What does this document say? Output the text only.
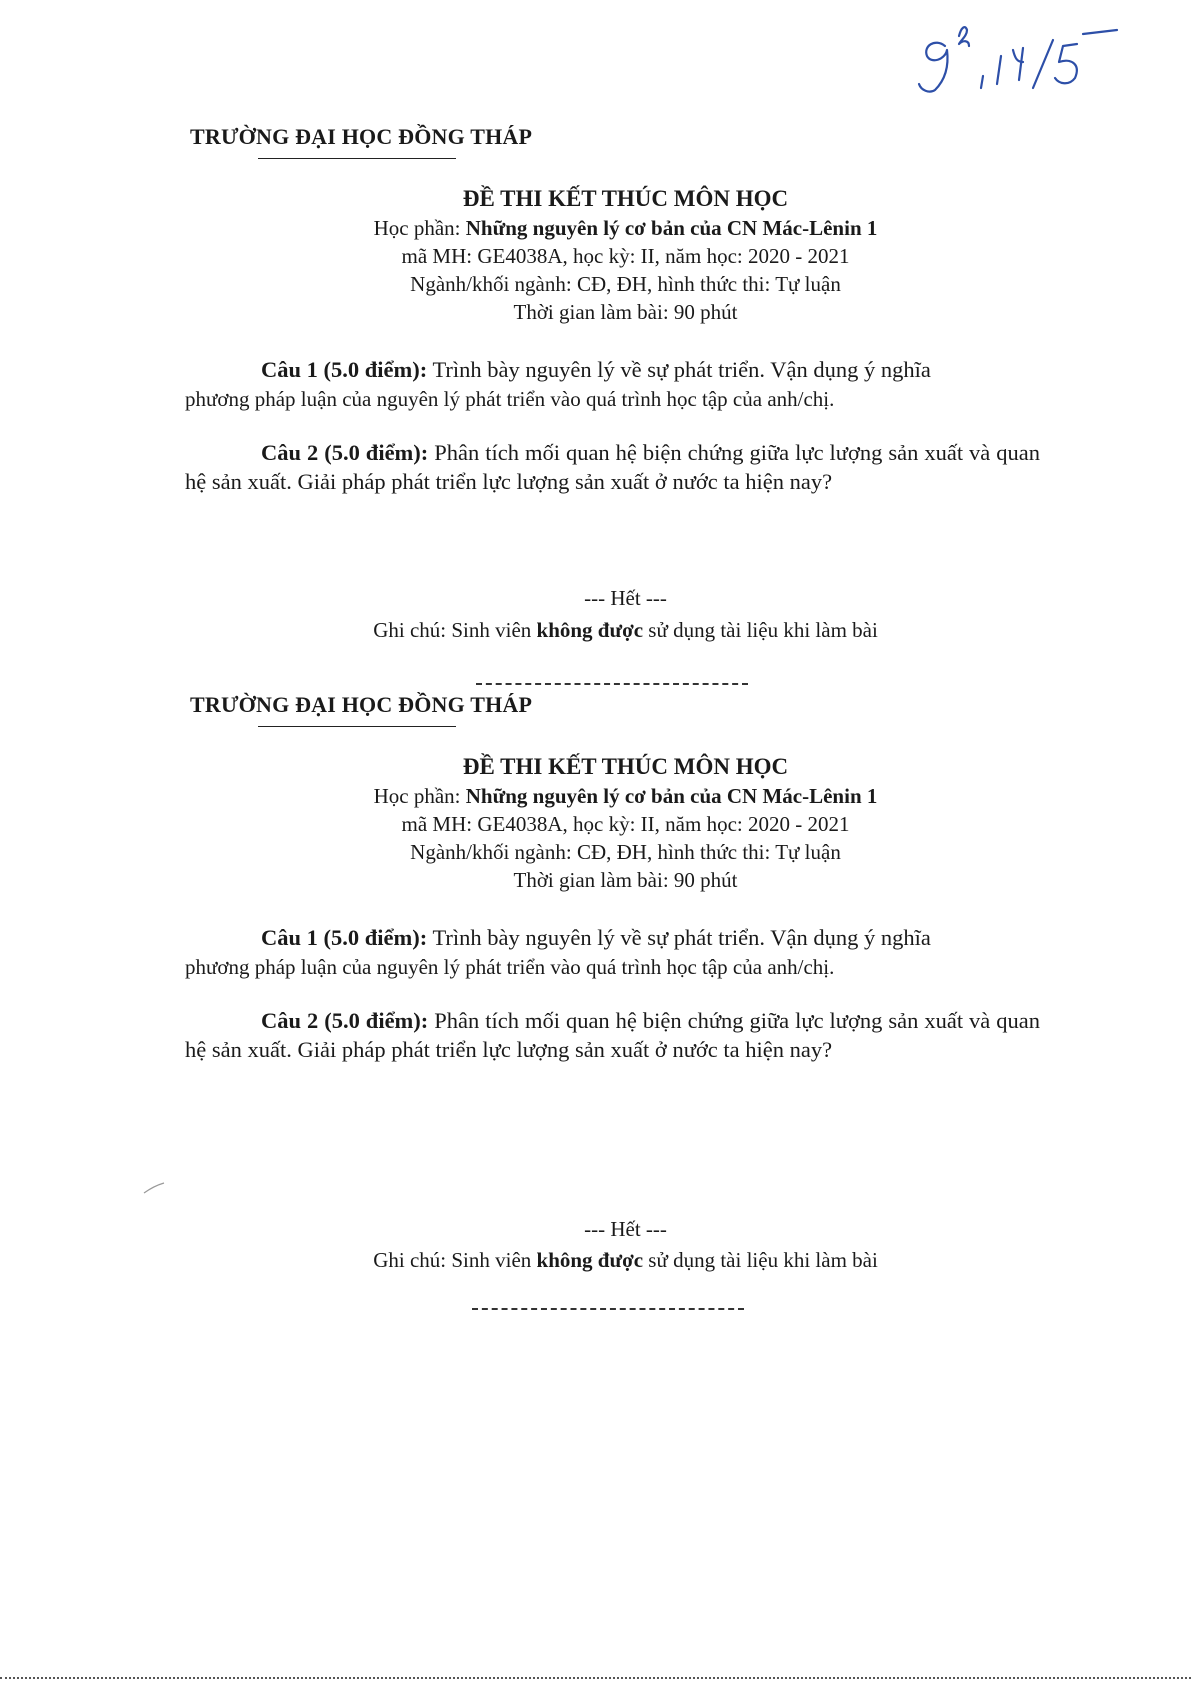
TRƯỜNG ĐẠI HỌC ĐỒNG THÁP
ĐỀ THI KẾT THÚC MÔN HỌC
Học phần: Những nguyên lý cơ bản của CN Mác-Lênin 1
mã MH: GE4038A, học kỳ: II, năm học: 2020 - 2021
Ngành/khối ngành: CĐ, ĐH, hình thức thi: Tự luận
Thời gian làm bài: 90 phút
Câu 1 (5.0 điểm): Trình bày nguyên lý về sự phát triển. Vận dụng ý nghĩa
phương pháp luận của nguyên lý phát triển vào quá trình học tập của anh/chị.
Câu 2 (5.0 điểm): Phân tích mối quan hệ biện chứng giữa lực lượng sản xuất và quan hệ sản xuất. Giải pháp phát triển lực lượng sản xuất ở nước ta hiện nay?
--- Hết ---
Ghi chú: Sinh viên không được sử dụng tài liệu khi làm bài
TRƯỜNG ĐẠI HỌC ĐỒNG THÁP
ĐỀ THI KẾT THÚC MÔN HỌC
Học phần: Những nguyên lý cơ bản của CN Mác-Lênin 1
mã MH: GE4038A, học kỳ: II, năm học: 2020 - 2021
Ngành/khối ngành: CĐ, ĐH, hình thức thi: Tự luận
Thời gian làm bài: 90 phút
Câu 1 (5.0 điểm): Trình bày nguyên lý về sự phát triển. Vận dụng ý nghĩa
phương pháp luận của nguyên lý phát triển vào quá trình học tập của anh/chị.
Câu 2 (5.0 điểm): Phân tích mối quan hệ biện chứng giữa lực lượng sản xuất và quan hệ sản xuất. Giải pháp phát triển lực lượng sản xuất ở nước ta hiện nay?
--- Hết ---
Ghi chú: Sinh viên không được sử dụng tài liệu khi làm bài
